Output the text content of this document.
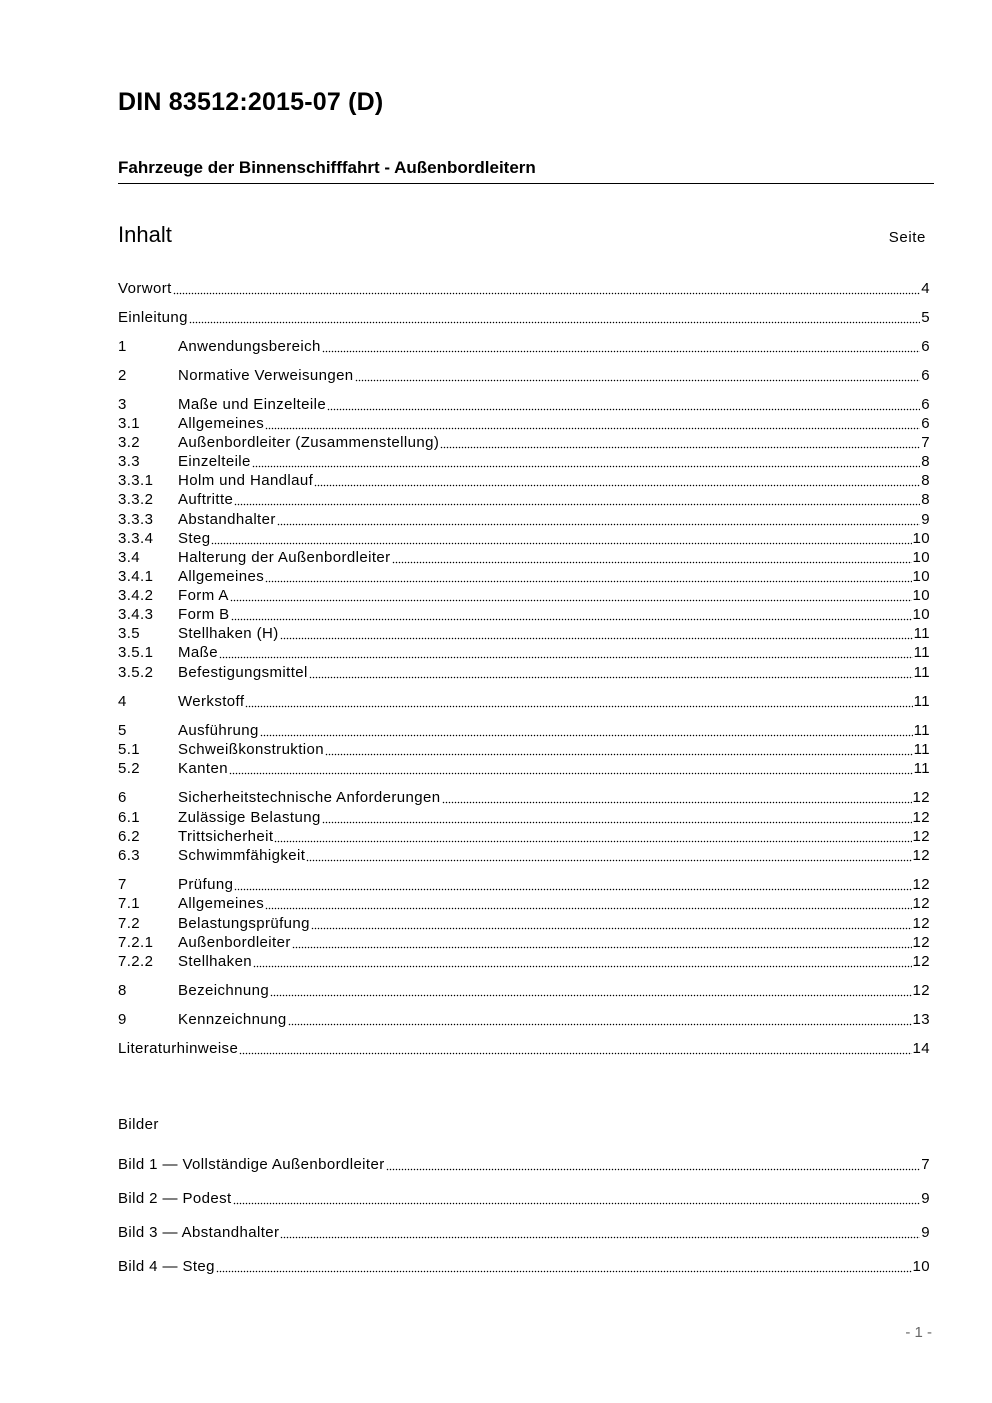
DIN 83512:2015-07 (D)
Fahrzeuge der Binnenschifffahrt - Außenbordleitern
Inhalt	Seite
Vorwort	4
Einleitung	5
1	Anwendungsbereich	6
2	Normative Verweisungen	6
3	Maße und Einzelteile	6
3.1	Allgemeines	6
3.2	Außenbordleiter (Zusammenstellung)	7
3.3	Einzelteile	8
3.3.1	Holm und Handlauf	8
3.3.2	Auftritte	8
3.3.3	Abstandhalter	9
3.3.4	Steg	10
3.4	Halterung der Außenbordleiter	10
3.4.1	Allgemeines	10
3.4.2	Form A	10
3.4.3	Form B	10
3.5	Stellhaken (H)	11
3.5.1	Maße	11
3.5.2	Befestigungsmittel	11
4	Werkstoff	11
5	Ausführung	11
5.1	Schweißkonstruktion	11
5.2	Kanten	11
6	Sicherheitstechnische Anforderungen	12
6.1	Zulässige Belastung	12
6.2	Trittsicherheit	12
6.3	Schwimmfähigkeit	12
7	Prüfung	12
7.1	Allgemeines	12
7.2	Belastungsprüfung	12
7.2.1	Außenbordleiter	12
7.2.2	Stellhaken	12
8	Bezeichnung	12
9	Kennzeichnung	13
Literaturhinweise	14
Bilder
Bild 1 — Vollständige Außenbordleiter	7
Bild 2 — Podest	9
Bild 3 — Abstandhalter	9
Bild 4 — Steg	10
- 1 -
